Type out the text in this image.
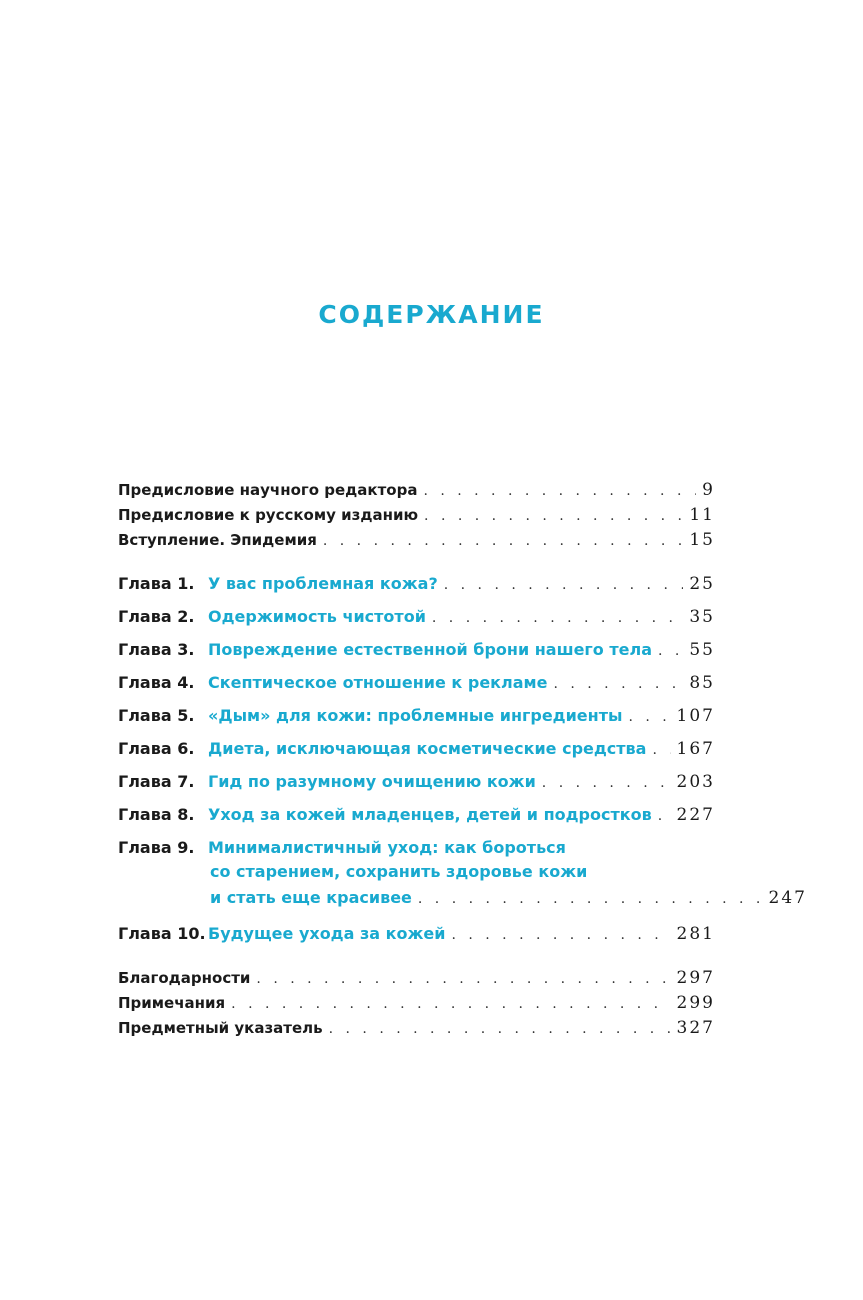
СОДЕРЖАНИЕ
Предисловие научного редактора . . .	9
Предисловие к русскому изданию . . .	11
Вступление. Эпидемия . . .	15
Глава 1. У вас проблемная кожа? . . .	25
Глава 2. Одержимость чистотой . . .	35
Глава 3. Повреждение естественной брони нашего тела . . . 55
Глава 4. Скептическое отношение к рекламе . . .	85
Глава 5. «Дым» для кожи: проблемные ингредиенты . . .	107
Глава 6. Диета, исключающая косметические средства . . . 167
Глава 7. Гид по разумному очищению кожи . . .	203
Глава 8. Уход за кожей младенцев, детей и подростков . . . 227
Глава 9. Минималистичный уход: как бороться
со старением, сохранить здоровье кожи
и стать еще красивее . . .	247
Глава 10. Будущее ухода за кожей . . .	281
Благодарности . . .	297
Примечания . . .	299
Предметный указатель . . .	327
